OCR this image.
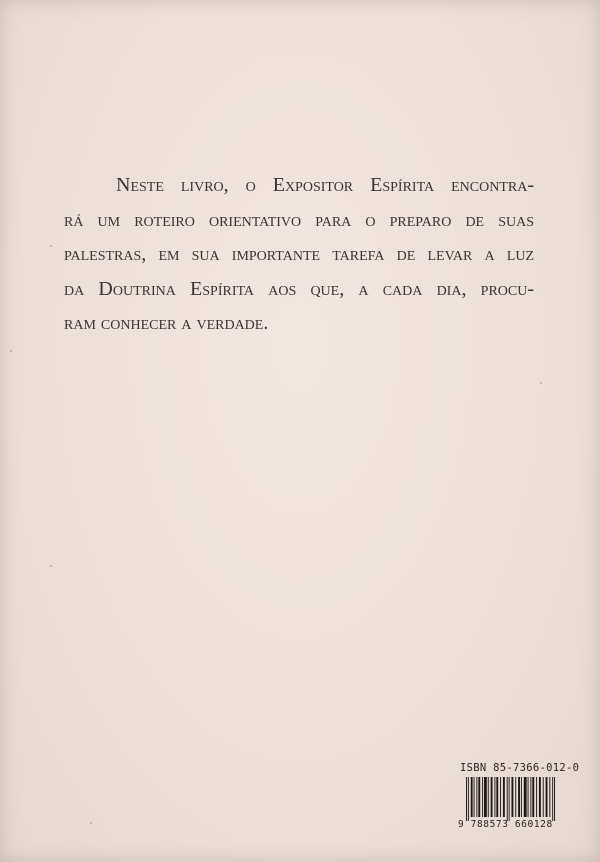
Neste livro, o Expositor Espírita encontra-
rá um roteiro orientativo para o preparo de suas
palestras, em sua importante tarefa de levar a luz
da Doutrina Espírita aos que, a cada dia, procu-
ram conhecer a verdade.
ISBN 85-7366-012-0
9 788573 660128
